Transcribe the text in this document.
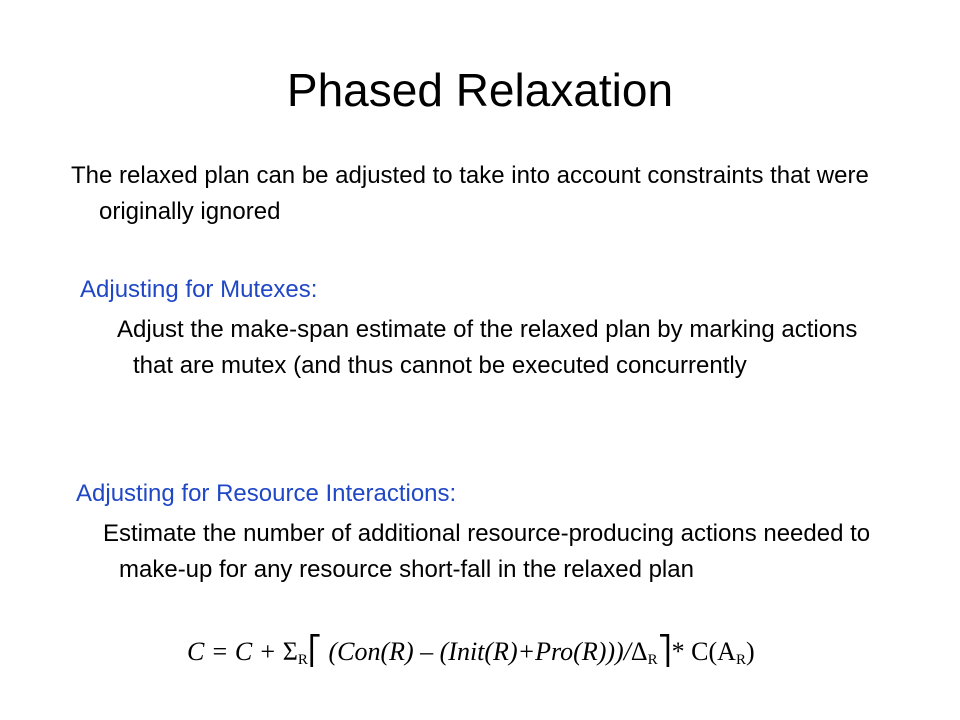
Phased Relaxation
The relaxed plan can be adjusted to take into account constraints that were originally ignored
Adjusting for Mutexes:
Adjust the make-span estimate of the relaxed plan by marking actions that are mutex (and thus cannot be executed concurrently
Adjusting for Resource Interactions:
Estimate the number of additional resource-producing actions needed to make-up for any resource short-fall in the relaxed plan
$C = C + \Sigma_R⎡$ $(Con(R) - (Init(R)+Pro(R)))/\Delta_R⎤*$ $C(A_R)$
